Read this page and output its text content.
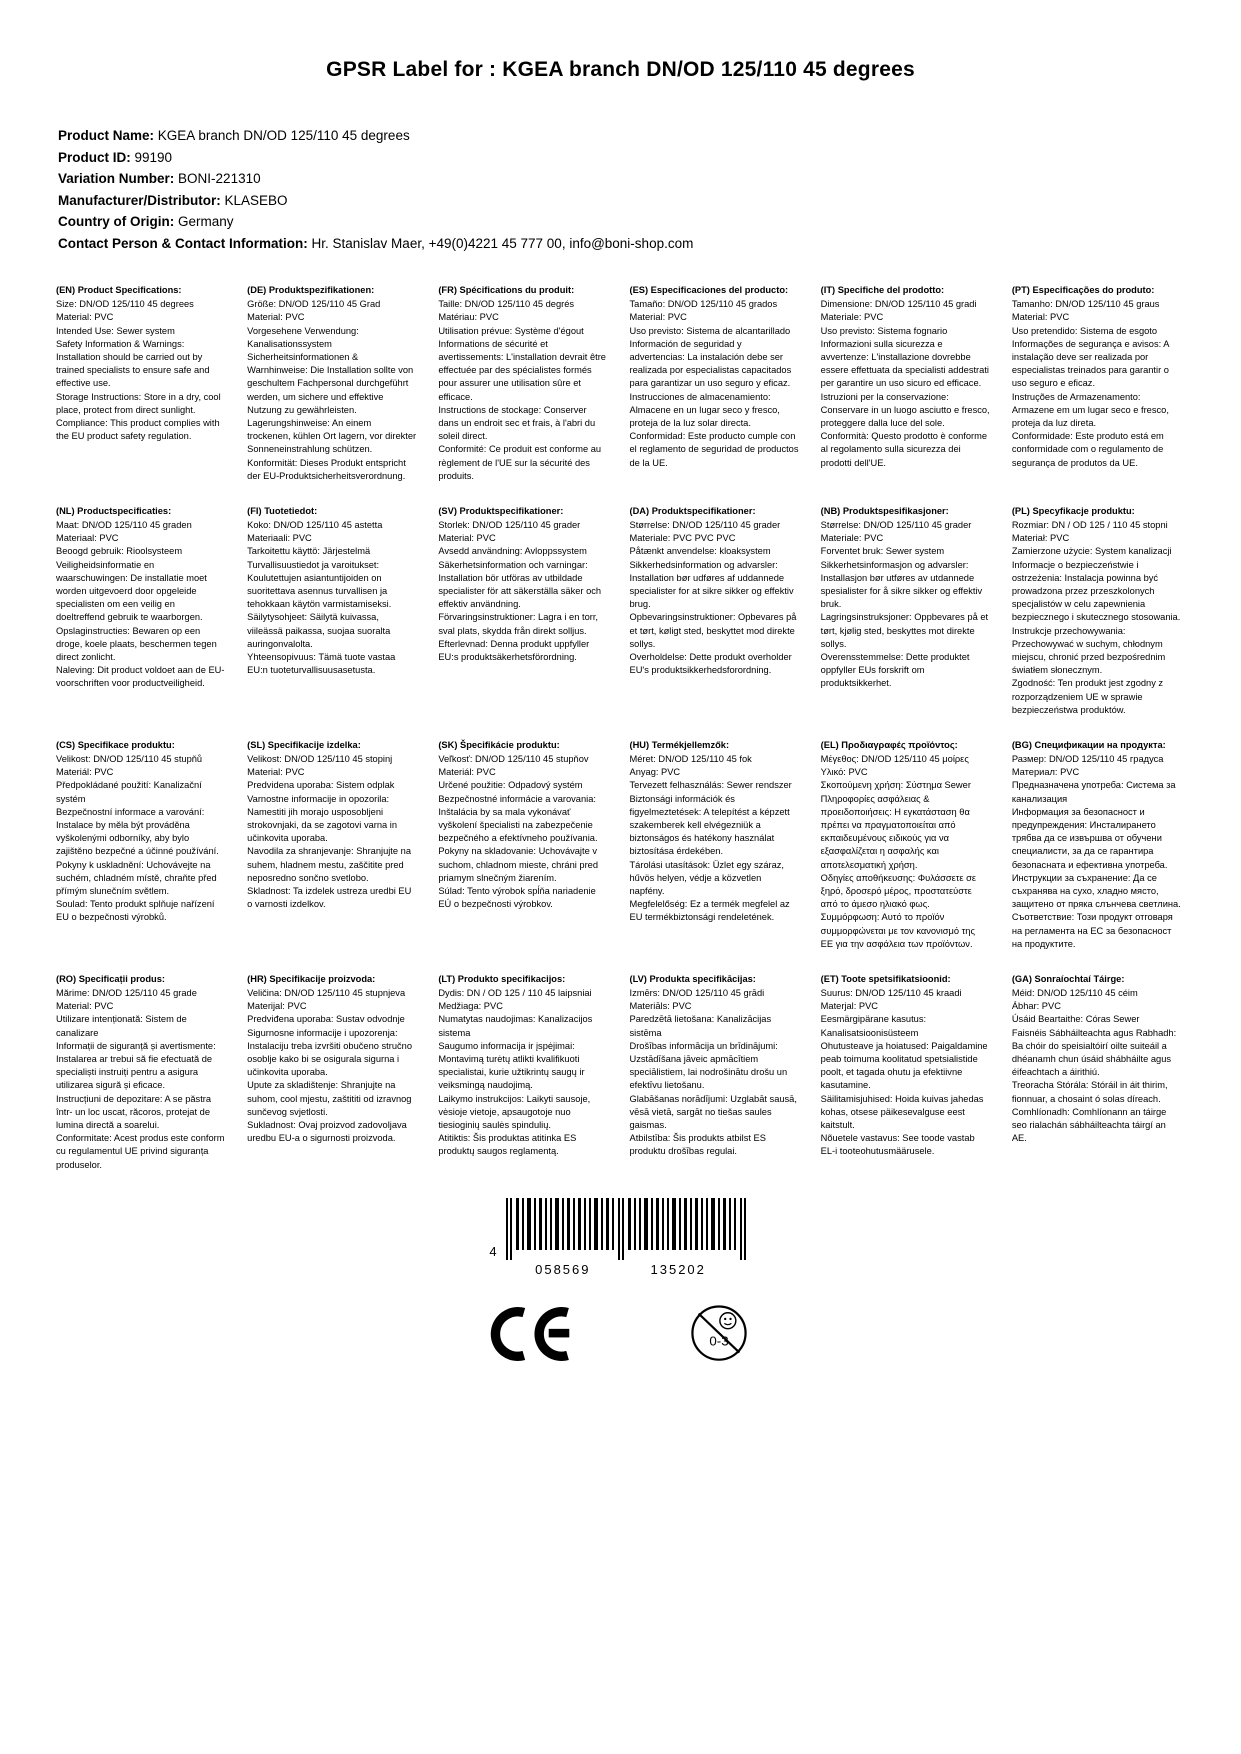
GPSR Label for : KGEA branch DN/OD 125/110 45 degrees
Product Name: KGEA branch DN/OD 125/110 45 degrees
Product ID: 99190
Variation Number: BONI-221310
Manufacturer/Distributor: KLASEBO
Country of Origin: Germany
Contact Person & Contact Information: Hr. Stanislav Maer, +49(0)4221 45 777 00, info@boni-shop.com
(EN) Product Specifications:

Size: DN/OD 125/110 45 degrees
Material: PVC
Intended Use: Sewer system
Safety Information & Warnings: Installation should be carried out by trained specialists to ensure safe and effective use.
Storage Instructions: Store in a dry, cool place, protect from direct sunlight.
Compliance: This product complies with the EU product safety regulation.

(DE) Produktspezifikationen:

Größe: DN/OD 125/110 45 Grad
Material: PVC
Vorgesehene Verwendung: Kanalisationssystem
Sicherheitsinformationen & Warnhinweise: Die Installation sollte von geschultem Fachpersonal durchgeführt werden, um sichere und effektive Nutzung zu gewährleisten.
Lagerungshinweise: An einem trockenen, kühlen Ort lagern, vor direkter Sonneneinstrahlung schützen.
Konformität: Dieses Produkt entspricht der EU-Produktsicherheitsverordnung.

(FR) Spécifications du produit:

Taille: DN/OD 125/110 45 degrés
Matériau: PVC
Utilisation prévue: Système d'égout
Informations de sécurité et avertissements: L'installation devrait être effectuée par des spécialistes formés pour assurer une utilisation sûre et efficace.
Instructions de stockage: Conserver dans un endroit sec et frais, à l'abri du soleil direct.
Conformité: Ce produit est conforme au règlement de l'UE sur la sécurité des produits.

(ES) Especificaciones del producto:

Tamaño: DN/OD 125/110 45 grados
Material: PVC
Uso previsto: Sistema de alcantarillado
Información de seguridad y advertencias: La instalación debe ser realizada por especialistas capacitados para garantizar un uso seguro y eficaz.
Instrucciones de almacenamiento: Almacene en un lugar seco y fresco, proteja de la luz solar directa.
Conformidad: Este producto cumple con el reglamento de seguridad de productos de la UE.

(IT) Specifiche del prodotto:

Dimensione: DN/OD 125/110 45 gradi
Materiale: PVC
Uso previsto: Sistema fognario
Informazioni sulla sicurezza e avvertenze: L'installazione dovrebbe essere effettuata da specialisti addestrati per garantire un uso sicuro ed efficace.
Istruzioni per la conservazione: Conservare in un luogo asciutto e fresco, proteggere dalla luce del sole.
Conformità: Questo prodotto è conforme al regolamento sulla sicurezza dei prodotti dell'UE.

(PT) Especificações do produto:

Tamanho: DN/OD 125/110 45 graus
Material: PVC
Uso pretendido: Sistema de esgoto
Informações de segurança e avisos: A instalação deve ser realizada por especialistas treinados para garantir o uso seguro e eficaz.
Instruções de Armazenamento: Armazene em um lugar seco e fresco, proteja da luz direta.
Conformidade: Este produto está em conformidade com o regulamento de segurança de produtos da UE.

(NL) Productspecificaties:

Maat: DN/OD 125/110 45 graden
Materiaal: PVC
Beoogd gebruik: Rioolsysteem
Veiligheidsinformatie en waarschuwingen: De installatie moet worden uitgevoerd door opgeleide specialisten om een veilig en doeltreffend gebruik te waarborgen.
Opslaginstructies: Bewaren op een droge, koele plaats, beschermen tegen direct zonlicht.
Naleving: Dit product voldoet aan de EU-voorschriften voor productveiligheid.

(FI) Tuotetiedot:

Koko: DN/OD 125/110 45 astetta
Materiaali: PVC
Tarkoitettu käyttö: Järjestelmä
Turvallisuustiedot ja varoitukset: Koulutettujen asiantuntijoiden on suoritettava asennus turvallisen ja tehokkaan käytön varmistamiseksi.
Säilytysohjeet: Säilytä kuivassa, viileässä paikassa, suojaa suoralta auringonvalolta.
Yhteensopivuus: Tämä tuote vastaa EU:n tuoteturvallisuusasetusta.

(SV) Produktspecifikationer:

Storlek: DN/OD 125/110 45 grader
Material: PVC
Avsedd användning: Avloppssystem
Säkerhetsinformation och varningar: Installation bör utföras av utbildade specialister för att säkerställa säker och effektiv användning.
Förvaringsinstruktioner: Lagra i en torr, sval plats, skydda från direkt solljus.
Efterlevnad: Denna produkt uppfyller EU:s produktsäkerhetsförordning.

(DA) Produktspecifikationer:

Størrelse: DN/OD 125/110 45 grader
Materiale: PVC PVC PVC
Påtænkt anvendelse: kloaksystem
Sikkerhedsinformation og advarsler: Installation bør udføres af uddannede specialister for at sikre sikker og effektiv brug.
Opbevaringsinstruktioner: Opbevares på et tørt, køligt sted, beskyttet mod direkte sollys.
Overholdelse: Dette produkt overholder EU's produktsikkerhedsforordning.

(NB) Produktspesifikasjoner:

Størrelse: DN/OD 125/110 45 grader
Materiale: PVC
Forventet bruk: Sewer system
Sikkerhetsinformasjon og advarsler: Installasjon bør utføres av utdannede spesialister for å sikre sikker og effektiv bruk.
Lagringsinstruksjoner: Oppbevares på et tørt, kjølig sted, beskyttes mot direkte sollys.
Overensstemmelse: Dette produktet oppfyller EUs forskrift om produktsikkerhet.

(PL) Specyfikacje produktu:

Rozmiar: DN / OD 125 / 110 45 stopni
Materiał: PVC
Zamierzone użycie: System kanalizacji
Informacje o bezpieczeństwie i ostrzeżenia: Instalacja powinna być prowadzona przez przeszkolonych specjalistów w celu zapewnienia bezpiecznego i skutecznego stosowania.
Instrukcje przechowywania: Przechowywać w suchym, chłodnym miejscu, chronić przed bezpośrednim światłem słonecznym.
Zgodność: Ten produkt jest zgodny z rozporządzeniem UE w sprawie bezpieczeństwa produktów.

(CS) Specifikace produktu:

Velikost: DN/OD 125/110 45 stupňů
Materiál: PVC
Předpokládané použití: Kanalizační systém
Bezpečnostní informace a varování: Instalace by měla být prováděna vyškolenými odborníky, aby bylo zajištěno bezpečné a účinné používání.
Pokyny k uskladnění: Uchovávejte na suchém, chladném místě, chraňte před přímým slunečním světlem.
Soulad: Tento produkt splňuje nařízení EU o bezpečnosti výrobků.

(SL) Specifikacije izdelka:

Velikost: DN/OD 125/110 45 stopinj
Material: PVC
Predvidena uporaba: Sistem odplak
Varnostne informacije in opozorila: Namestiti jih morajo usposobljeni strokovnjaki, da se zagotovi varna in učinkovita uporaba.
Navodila za shranjevanje: Shranjujte na suhem, hladnem mestu, zaščitite pred neposredno sončno svetlobo.
Skladnost: Ta izdelek ustreza uredbi EU o varnosti izdelkov.

(SK) Špecifikácie produktu:

Veľkosť: DN/OD 125/110 45 stupňov
Materiál: PVC
Určené použitie: Odpadový systém
Bezpečnostné informácie a varovania: Inštalácia by sa mala vykonávať vyškolení špecialisti na zabezpečenie bezpečného a efektívneho používania.
Pokyny na skladovanie: Uchovávajte v suchom, chladnom mieste, chráni pred priamym slnečným žiarením.
Súlad: Tento výrobok spĺňa nariadenie EÚ o bezpečnosti výrobkov.

(HU) Termékjellemzők:

Méret: DN/OD 125/110 45 fok
Anyag: PVC
Tervezett felhasználás: Sewer rendszer
Biztonsági információk és figyelmeztetések: A telepítést a képzett szakemberek kell elvégezniük a biztonságos és hatékony használat biztosítása érdekében.
Tárolási utasítások: Üzlet egy száraz, hűvös helyen, védje a közvetlen napfény.
Megfelelőség: Ez a termék megfelel az EU termékbiztonsági rendeletének.

(EL) Προδιαγραφές προϊόντος:

Μέγεθος: DN/OD 125/110 45 μοίρες
Υλικό: PVC
Σκοπούμενη χρήση: Σύστημα Sewer
Πληροφορίες ασφάλειας & προειδοποιήσεις: Η εγκατάσταση θα πρέπει να πραγματοποιείται από εκπαιδευμένους ειδικούς για να εξασφαλίζεται η ασφαλής και αποτελεσματική χρήση.
Οδηγίες αποθήκευσης: Φυλάσσετε σε ξηρό, δροσερό μέρος, προστατεύστε από το άμεσο ηλιακό φως.
Συμμόρφωση: Αυτό το προϊόν συμμορφώνεται με τον κανονισμό της ΕΕ για την ασφάλεια των προϊόντων.

(BG) Спецификации на продукта:

Размер: DN/OD 125/110 45 градуса
Материал: PVC
Предназначена употреба: Система за канализация
Информация за безопасност и предупреждения: Инсталирането трябва да се извършва от обучени специалисти, за да се гарантира безопасната и ефективна употреба.
Инструкции за съхранение: Да се съхранява на сухо, хладно място, защитено от пряка слънчева светлина.
Съответствие: Този продукт отговаря на регламента на ЕС за безопасност на продуктите.

(RO) Specificații produs:

Mărime: DN/OD 125/110 45 grade
Material: PVC
Utilizare intenționată: Sistem de canalizare
Informații de siguranță și avertismente: Instalarea ar trebui să fie efectuată de specialiști instruiți pentru a asigura utilizarea sigură și eficace.
Instrucțiuni de depozitare: A se păstra într- un loc uscat, răcoros, protejat de lumina directă a soarelui.
Conformitate: Acest produs este conform cu regulamentul UE privind siguranța produselor.

(HR) Specifikacije proizvoda:

Veličina: DN/OD 125/110 45 stupnjeva
Materijal: PVC
Predviđena uporaba: Sustav odvodnje
Sigurnosne informacije i upozorenja: Instalaciju treba izvršiti obučeno stručno osoblje kako bi se osigurala sigurna i učinkovita uporaba.
Upute za skladištenje: Shranjujte na suhom, cool mjestu, zaštititi od izravnog sunčevog svjetlosti.
Sukladnost: Ovaj proizvod zadovoljava uredbu EU-a o sigurnosti proizvoda.

(LT) Produkto specifikacijos:

Dydis: DN / OD 125 / 110 45 laipsniai
Medžiaga: PVC
Numatytas naudojimas: Kanalizacijos sistema
Saugumo informacija ir įspėjimai: Montavimą turėtų atlikti kvalifikuoti specialistai, kurie užtikrintų saugų ir veiksmingą naudojimą.
Laikymo instrukcijos: Laikyti sausoje, vėsioje vietoje, apsaugotoje nuo tiesioginių saulės spindulių.
Atitiktis: Šis produktas atitinka ES produktų saugos reglamentą.

(LV) Produkta specifikācijas:

Izmērs: DN/OD 125/110 45 grādi
Materiāls: PVC
Paredzētā lietošana: Kanalizācijas sistēma
Drošības informācija un brīdinājumi: Uzstādīšana jāveic apmācītiem speciālistiem, lai nodrošinātu drošu un efektīvu lietošanu.
Glabāšanas norādījumi: Uzglabāt sausā, vēsā vietā, sargāt no tiešas saules gaismas.
Atbilstība: Šis produkts atbilst ES produktu drošības regulai.

(ET) Toote spetsifikatsioonid:

Suurus: DN/OD 125/110 45 kraadi
Materjal: PVC
Eesmärgipärane kasutus: Kanalisatsioonisüsteem
Ohutusteave ja hoiatused: Paigaldamine peab toimuma koolitatud spetsialistide poolt, et tagada ohutu ja efektiivne kasutamine.
Säilitamisjuhised: Hoida kuivas jahedas kohas, otsese päikesevalguse eest kaitstult.
Nõuetele vastavus: See toode vastab EL-i tooteohutusmäärusele.

(GA) Sonraíochtaí Táirge:

Méid: DN/OD 125/110 45 céim
Ábhar: PVC
Úsáid Beartaithe: Córas Sewer
Faisnéis Sábháilteachta agus Rabhadh: Ba chóir do speisialtóirí oilte suiteáil a dhéanamh chun úsáid shábháilte agus éifeachtach a áirithiú.
Treoracha Stórála: Stóráil in áit thirim, fionnuar, a chosaint ó solas díreach.
Comhlíonadh: Comhlíonann an táirge seo rialachán sábháilteachta táirgí an AE.

4
058569	135202
0-3
